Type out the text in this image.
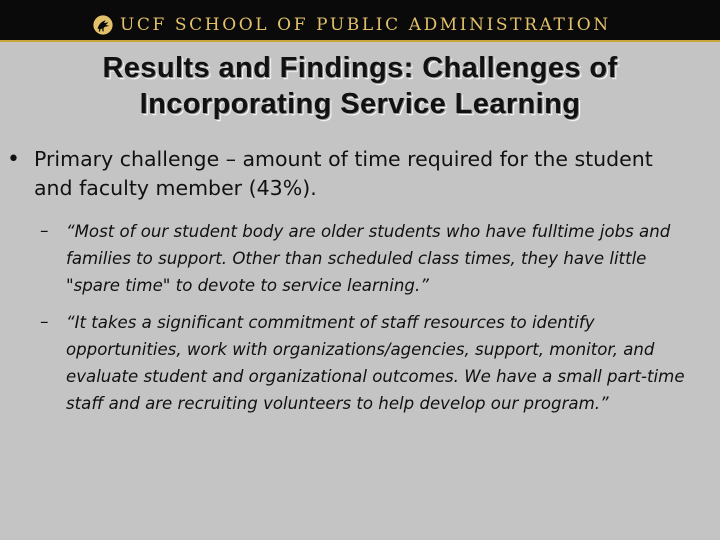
UCF SCHOOL OF PUBLIC ADMINISTRATION
Results and Findings: Challenges of
Incorporating Service Learning
• Primary challenge – amount of time required for the student and faculty member (43%).
– “Most of our student body are older students who have fulltime jobs and families to support. Other than scheduled class times, they have little "spare time" to devote to service learning.”
– “It takes a significant commitment of staff resources to identify opportunities, work with organizations/agencies, support, monitor, and evaluate student and organizational outcomes. We have a small part-time staff and are recruiting volunteers to help develop our program.”
